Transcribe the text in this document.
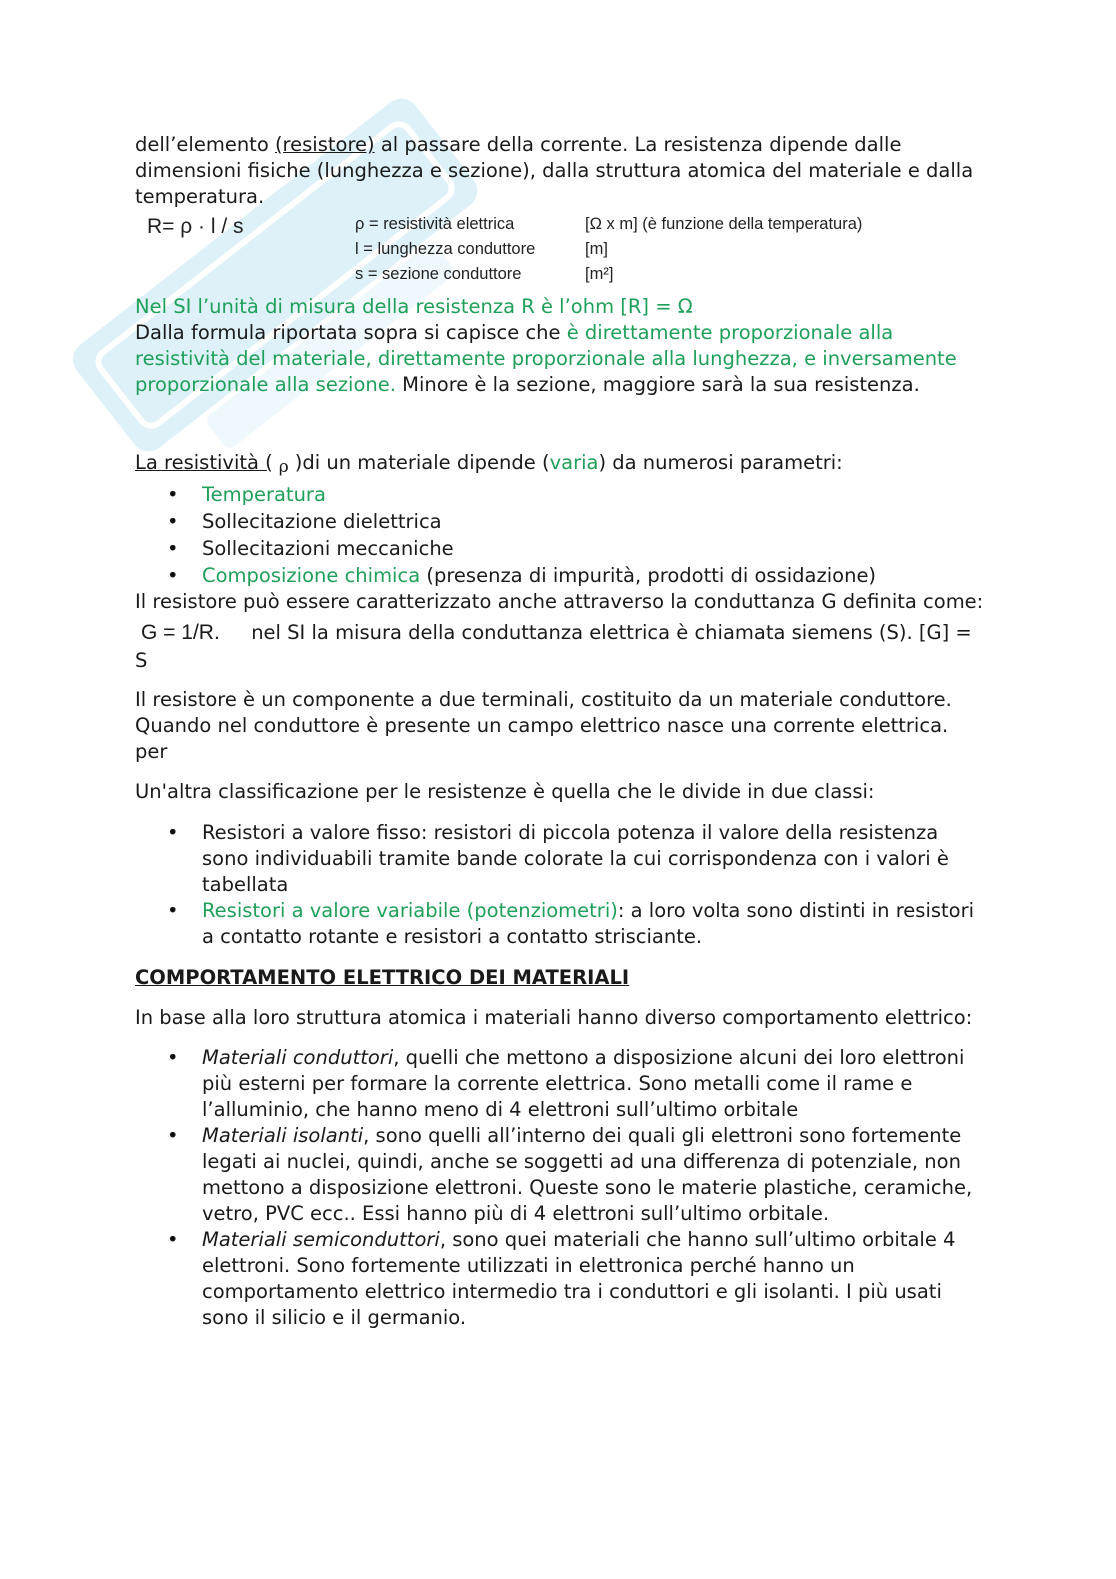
dell’elemento (resistore) al passare della corrente. La resistenza dipende dalle dimensioni fisiche (lunghezza e sezione), dalla struttura atomica del materiale e dalla temperatura.

R= ρ · l / s	ρ = resistività elettrica
l = lunghezza conduttore
s = sezione conduttore
[Ω x m] (è funzione della temperatura)
[m]
[m²]

Nel SI l’unità di misura della resistenza R è l’ohm [R] = Ω

Dalla formula riportata sopra si capisce che è direttamente proporzionale alla resistività del materiale, direttamente proporzionale alla lunghezza, e inversamente proporzionale alla sezione. Minore è la sezione, maggiore sarà la sua resistenza.

La resistività ( ρ )di un materiale dipende (varia) da numerosi parametri:

• Temperatura
• Sollecitazione dielettrica
• Sollecitazioni meccaniche
• Composizione chimica (presenza di impurità, prodotti di ossidazione)

Il resistore può essere caratterizzato anche attraverso la conduttanza G definita come:

G = 1/R. nel SI la misura della conduttanza elettrica è chiamata siemens (S). [G] = S

Il resistore è un componente a due terminali, costituito da un materiale conduttore. Quando nel conduttore è presente un campo elettrico nasce una corrente elettrica. per

Un'altra classificazione per le resistenze è quella che le divide in due classi:

• Resistori a valore fisso: resistori di piccola potenza il valore della resistenza sono individuabili tramite bande colorate la cui corrispondenza con i valori è tabellata
• Resistori a valore variabile (potenziometri): a loro volta sono distinti in resistori a contatto rotante e resistori a contatto strisciante.

COMPORTAMENTO ELETTRICO DEI MATERIALI

In base alla loro struttura atomica i materiali hanno diverso comportamento elettrico:

• Materiali conduttori, quelli che mettono a disposizione alcuni dei loro elettroni più esterni per formare la corrente elettrica. Sono metalli come il rame e l’alluminio, che hanno meno di 4 elettroni sull’ultimo orbitale
• Materiali isolanti, sono quelli all’interno dei quali gli elettroni sono fortemente legati ai nuclei, quindi, anche se soggetti ad una differenza di potenziale, non mettono a disposizione elettroni. Queste sono le materie plastiche, ceramiche, vetro, PVC ecc.. Essi hanno più di 4 elettroni sull’ultimo orbitale.
• Materiali semiconduttori, sono quei materiali che hanno sull’ultimo orbitale 4 elettroni. Sono fortemente utilizzati in elettronica perché hanno un comportamento elettrico intermedio tra i conduttori e gli isolanti. I più usati sono il silicio e il germanio.
